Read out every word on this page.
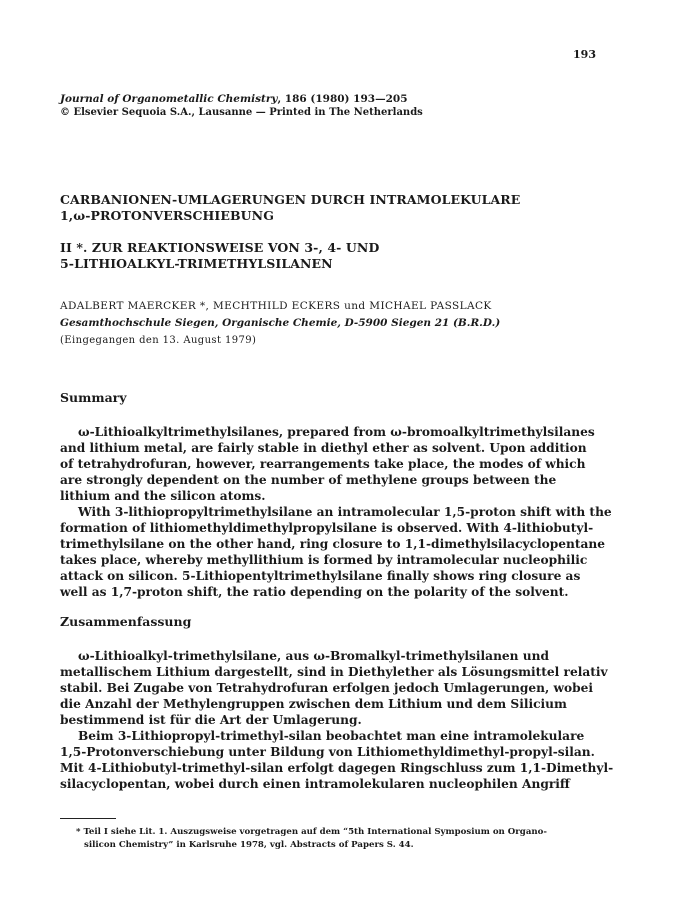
193
Journal of Organometallic Chemistry, 186 (1980) 193—205
© Elsevier Sequoia S.A., Lausanne — Printed in The Netherlands
CARBANIONEN-UMLAGERUNGEN DURCH INTRAMOLEKULARE
1,ω-PROTONVERSCHIEBUNG
II *. ZUR REAKTIONSWEISE VON 3-, 4- UND
5-LITHIOALKYL-TRIMETHYLSILANEN
ADALBERT MAERCKER *, MECHTHILD ECKERS und MICHAEL PASSLACK
Gesamthochschule Siegen, Organische Chemie, D-5900 Siegen 21 (B.R.D.)
(Eingegangen den 13. August 1979)
Summary
ω-Lithioalkyltrimethylsilanes, prepared from ω-bromoalkyltrimethylsilanes
and lithium metal, are fairly stable in diethyl ether as solvent. Upon addition
of tetrahydrofuran, however, rearrangements take place, the modes of which
are strongly dependent on the number of methylene groups between the
lithium and the silicon atoms.
With 3-lithiopropyltrimethylsilane an intramolecular 1,5-proton shift with the
formation of lithiomethyldimethylpropylsilane is observed. With 4-lithiobutyl-
trimethylsilane on the other hand, ring closure to 1,1-dimethylsilacyclopentane
takes place, whereby methyllithium is formed by intramolecular nucleophilic
attack on silicon. 5-Lithiopentyltrimethylsilane finally shows ring closure as
well as 1,7-proton shift, the ratio depending on the polarity of the solvent.
Zusammenfassung
ω-Lithioalkyl-trimethylsilane, aus ω-Bromalkyl-trimethylsilanen und
metallischem Lithium dargestellt, sind in Diethylether als Lösungsmittel relativ
stabil. Bei Zugabe von Tetrahydrofuran erfolgen jedoch Umlagerungen, wobei
die Anzahl der Methylengruppen zwischen dem Lithium und dem Silicium
bestimmend ist für die Art der Umlagerung.
Beim 3-Lithiopropyl-trimethyl-silan beobachtet man eine intramolekulare
1,5-Protonverschiebung unter Bildung von Lithiomethyldimethyl-propyl-silan.
Mit 4-Lithiobutyl-trimethyl-silan erfolgt dagegen Ringschluss zum 1,1-Dimethyl-
silacyclopentan, wobei durch einen intramolekularen nucleophilen Angriff
* Teil I siehe Lit. 1. Auszugsweise vorgetragen auf dem “5th International Symposium on Organo-
silicon Chemistry” in Karlsruhe 1978, vgl. Abstracts of Papers S. 44.
